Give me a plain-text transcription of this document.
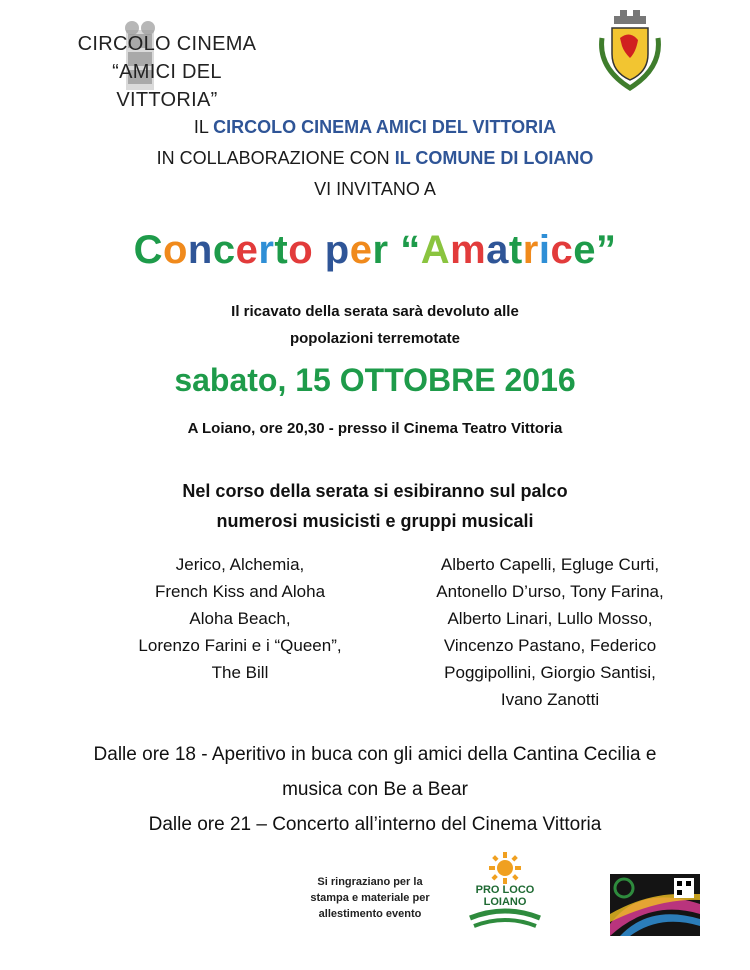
CIRCOLO CINEMA
“AMICI DEL VITTORIA”
IL CIRCOLO CINEMA AMICI DEL VITTORIA
IN COLLABORAZIONE CON IL COMUNE DI LOIANO
VI INVITANO A
Concerto per “Amatrice”
Il ricavato della serata sarà devoluto alle
popolazioni terremotate
sabato, 15 OTTOBRE 2016
A Loiano, ore 20,30 - presso il Cinema Teatro Vittoria
Nel corso della serata si esibiranno sul palco
numerosi musicisti e gruppi musicali
Jerico, Alchemia,
French Kiss and Aloha
Aloha Beach,
Lorenzo Farini e i “Queen”,
The Bill
Alberto Capelli, Egluge Curti,
Antonello D’urso, Tony Farina,
Alberto Linari, Lullo Mosso,
Vincenzo Pastano, Federico
Poggipollini, Giorgio Santisi,
Ivano Zanotti
Dalle ore 18 - Aperitivo in buca con gli amici della Cantina Cecilia e
musica con Be a Bear
Dalle ore 21 – Concerto all’interno del Cinema Vittoria
Si ringraziano per la
stampa e materiale per
allestimento evento
PRO LOCO
LOIANO
